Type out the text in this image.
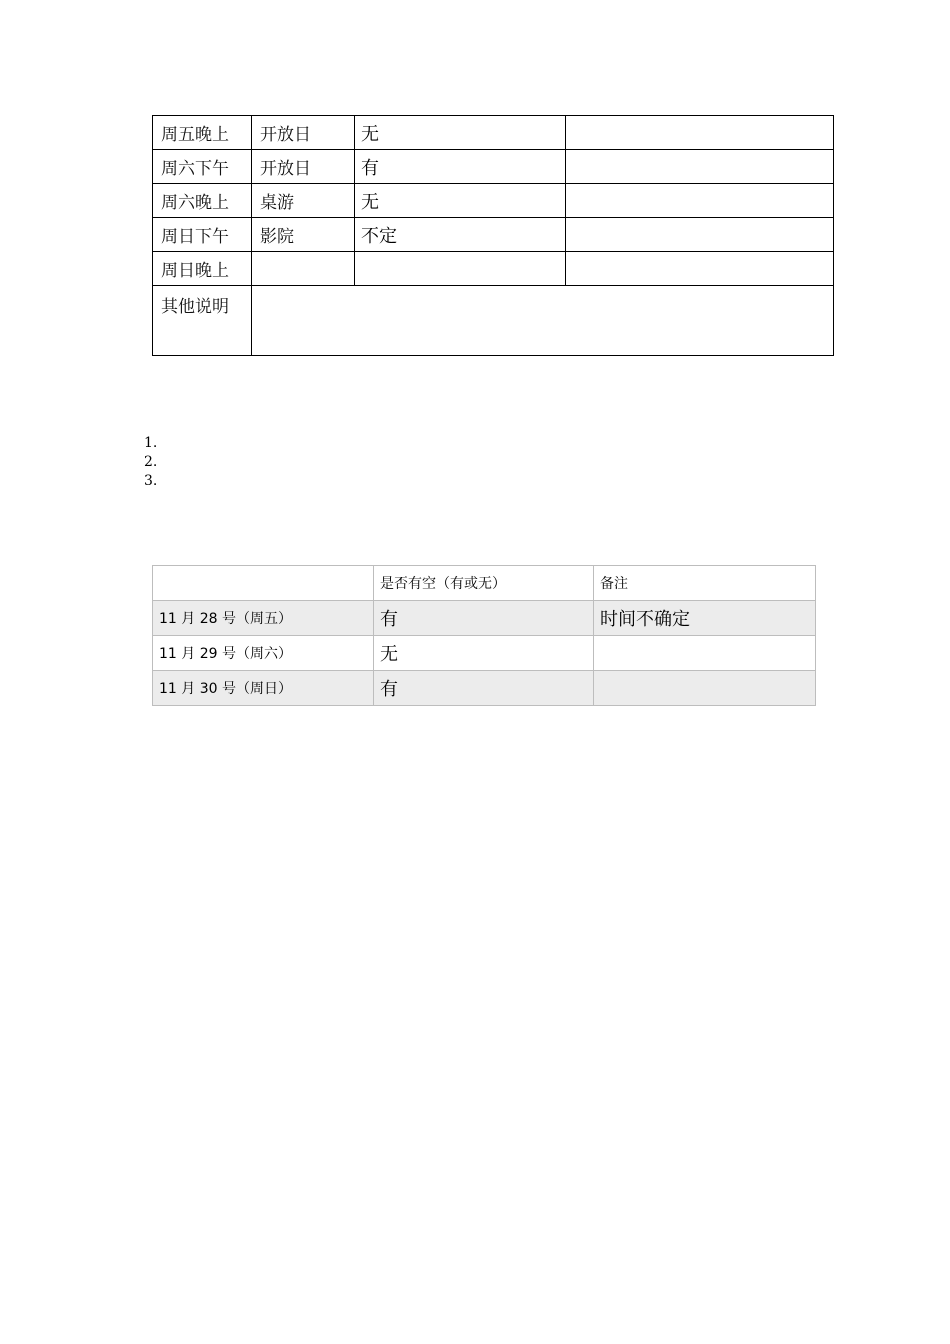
周五晚上	开放日	无	
周六下午	开放日	有	
周六晚上	桌游	无	
周日下午	影院	不定	
周日晚上			
其他说明			
1.
2.
3.
	是否有空（有或无）	备注
11 月 28 号（周五）	有	时间不确定
11 月 29 号（周六）	无	
11 月 30 号（周日）	有	
